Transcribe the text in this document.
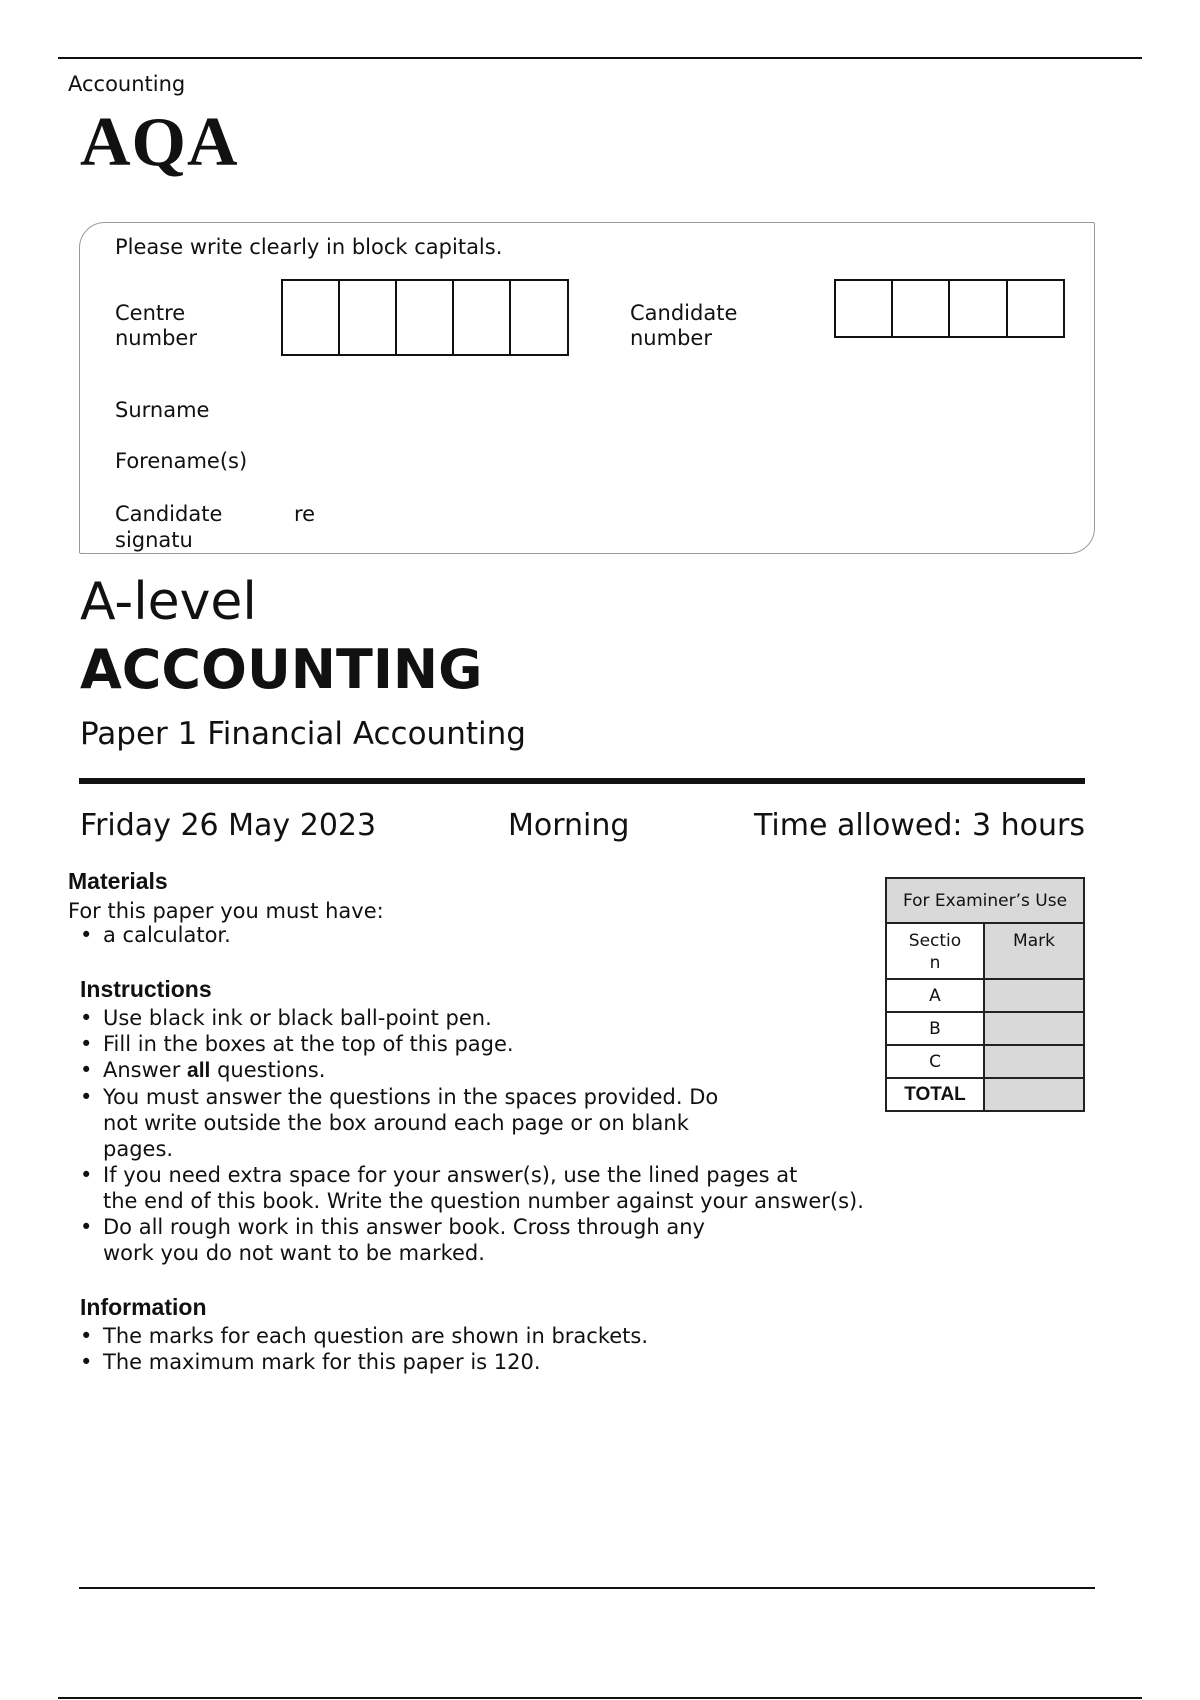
Accounting
AQA
Please write clearly in block capitals.
Centre
number
Candidate
number
Surname
Forename(s)
Candidate	re
signatu
A-level
ACCOUNTING
Paper 1 Financial Accounting
Friday 26 May 2023	Morning	Time allowed: 3 hours
Materials
For this paper you must have:
• a calculator.
Instructions
• Use black ink or black ball-point pen.
• Fill in the boxes at the top of this page.
• Answer all questions.
• You must answer the questions in the spaces provided. Do
not write outside the box around each page or on blank
pages.
• If you need extra space for your answer(s), use the lined pages at
the end of this book. Write the question number against your answer(s).
• Do all rough work in this answer book. Cross through any
work you do not want to be marked.
Information
• The marks for each question are shown in brackets.
• The maximum mark for this paper is 120.
For Examiner’s Use	

Sectio
n	Mark
A	
B	
C	
TOTAL	
